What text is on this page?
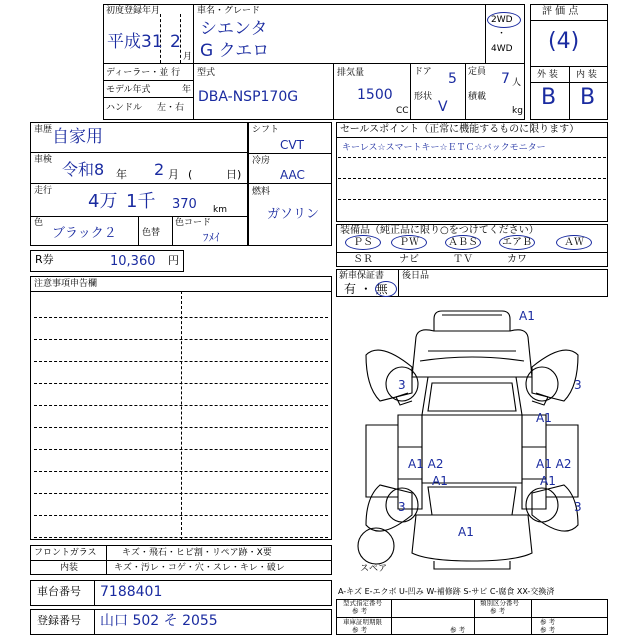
初度登録年月
平成31 2
月
車名・グレード
シエンタ
G クエロ
2WD
・
4WD
ディーラー・並 行
モデル年式	年
ハンドル 左・右
型式
DBA-NSP170G
排気量
1500
CC
ドア 5
形状
V
定員 7 人
積載
kg
評 価 点
(4)
外 装 内 装
B B
車歴 自家用
車検 令和8 年 2 月 (	日)
走行 4万 1千 370 km
色
ブラック２	色替
色コード
ﾌﾒｲ
シフト
CVT
冷房
AAC
燃料
ガソリン
R券	10,360 円
セールスポイント（正常に機能するものに限ります）
キーレス☆スマートキー☆ＥＴＣ☆バックモニター
装備品（純正品に限り○をつけてください）
ＰＳ	ＰＷ	ＡＢＳ	エアＢ	ＡＷ
ＳＲ	ナビ	ＴＶ	カワ
新車保証書
有 ・ 無
後日品
注意事項申告欄
A1
3	3
A1
A1 A2	A1 A2
A1	A1
3	3
A1
スペア
フロントガラス	キズ・飛石・ヒビ割・リペア跡・X要
内装	キズ・汚レ・コゲ・穴・スレ・キレ・破レ
車台番号 7188401
登録番号 山口 502 そ 2055
A-キズ E-エクボ U-凹み W-補修跡 S-サビ C-腐食 XX-交換済
型式指定番号
参 考
類別区分番号
参 考
車庫証明期限
参 考
参 考
参 考
参 考
